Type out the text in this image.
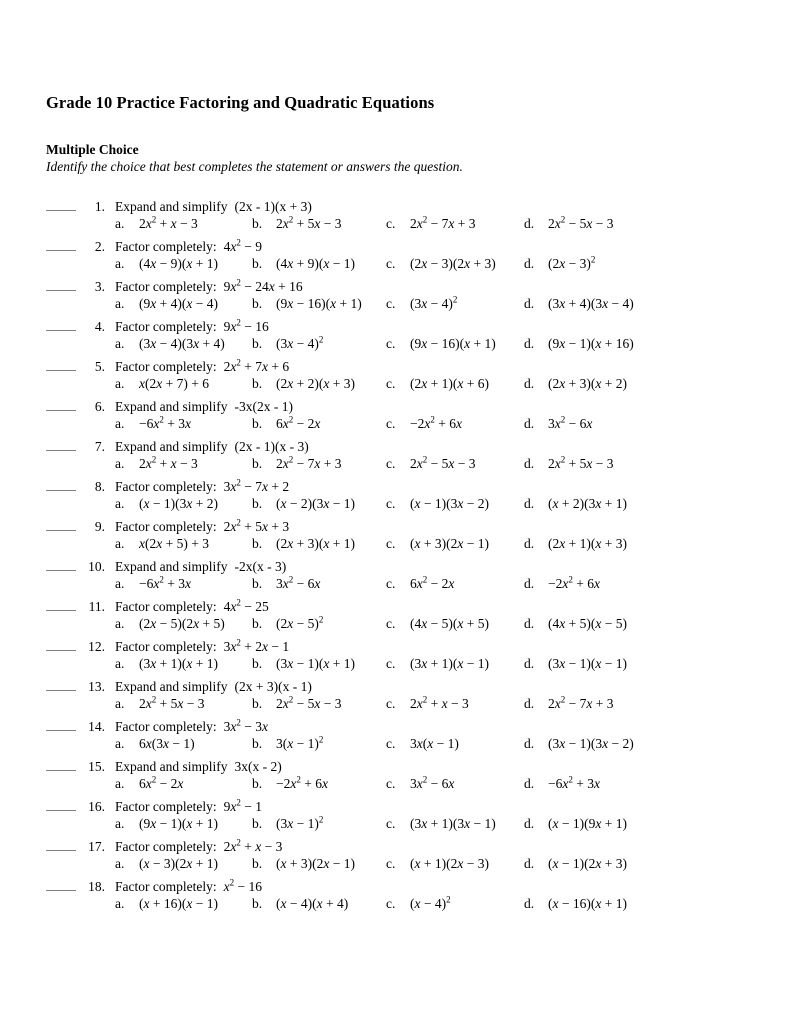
Grade 10 Practice Factoring and Quadratic Equations
Multiple Choice
Identify the choice that best completes the statement or answers the question.
1. Expand and simplify (2x - 1)(x + 3)
a. $2x^2 + x - 3$	b. $2x^2 + 5x - 3$	c. $2x^2 - 7x + 3$	d. $2x^2 - 5x - 3$
2. Factor completely: $4x^2 - 9$
a. (4x − 9)(x + 1)	b. (4x + 9)(x − 1)	c. (2x − 3)(2x + 3)	d. $(2x - 3)^2$
3. Factor completely: $9x^2 - 24x + 16$
a. (9x + 4)(x − 4)	b. (9x − 16)(x + 1)	c. $(3x - 4)^2$	d. (3x + 4)(3x − 4)
4. Factor completely: $9x^2 - 16$
a. (3x − 4)(3x + 4)	b. $(3x - 4)^2$	c. (9x − 16)(x + 1)	d. (9x − 1)(x + 16)
5. Factor completely: $2x^2 + 7x + 6$
a. x(2x + 7) + 6	b. (2x + 2)(x + 3)	c. (2x + 1)(x + 6)	d. (2x + 3)(x + 2)
6. Expand and simplify -3x(2x - 1)
a. $-6x^2 + 3x$	b. $6x^2 - 2x$	c. $-2x^2 + 6x$	d. $3x^2 - 6x$
7. Expand and simplify (2x - 1)(x - 3)
a. $2x^2 + x - 3$	b. $2x^2 - 7x + 3$	c. $2x^2 - 5x - 3$	d. $2x^2 + 5x - 3$
8. Factor completely: $3x^2 - 7x + 2$
a. (x − 1)(3x + 2)	b. (x − 2)(3x − 1)	c. (x − 1)(3x − 2)	d. (x + 2)(3x + 1)
9. Factor completely: $2x^2 + 5x + 3$
a. x(2x + 5) + 3	b. (2x + 3)(x + 1)	c. (x + 3)(2x − 1)	d. (2x + 1)(x + 3)
10. Expand and simplify -2x(x - 3)
a. $-6x^2 + 3x$	b. $3x^2 - 6x$	c. $6x^2 - 2x$	d. $-2x^2 + 6x$
11. Factor completely: $4x^2 - 25$
a. (2x − 5)(2x + 5)	b. $(2x - 5)^2$	c. (4x − 5)(x + 5)	d. (4x + 5)(x − 5)
12. Factor completely: $3x^2 + 2x - 1$
a. (3x + 1)(x + 1)	b. (3x − 1)(x + 1)	c. (3x + 1)(x − 1)	d. (3x − 1)(x − 1)
13. Expand and simplify (2x + 3)(x - 1)
a. $2x^2 + 5x - 3$	b. $2x^2 - 5x - 3$	c. $2x^2 + x - 3$	d. $2x^2 - 7x + 3$
14. Factor completely: $3x^2 - 3x$
a. 6x(3x − 1)	b. $3(x - 1)^2$	c. 3x(x − 1)	d. (3x − 1)(3x − 2)
15. Expand and simplify 3x(x - 2)
a. $6x^2 - 2x$	b. $-2x^2 + 6x$	c. $3x^2 - 6x$	d. $-6x^2 + 3x$
16. Factor completely: $9x^2 - 1$
a. (9x − 1)(x + 1)	b. $(3x - 1)^2$	c. (3x + 1)(3x − 1)	d. (x − 1)(9x + 1)
17. Factor completely: $2x^2 + x - 3$
a. (x − 3)(2x + 1)	b. (x + 3)(2x − 1)	c. (x + 1)(2x − 3)	d. (x − 1)(2x + 3)
18. Factor completely: $x^2 - 16$
a. (x + 16)(x − 1)	b. (x − 4)(x + 4)	c. $(x - 4)^2$	d. (x − 16)(x + 1)
